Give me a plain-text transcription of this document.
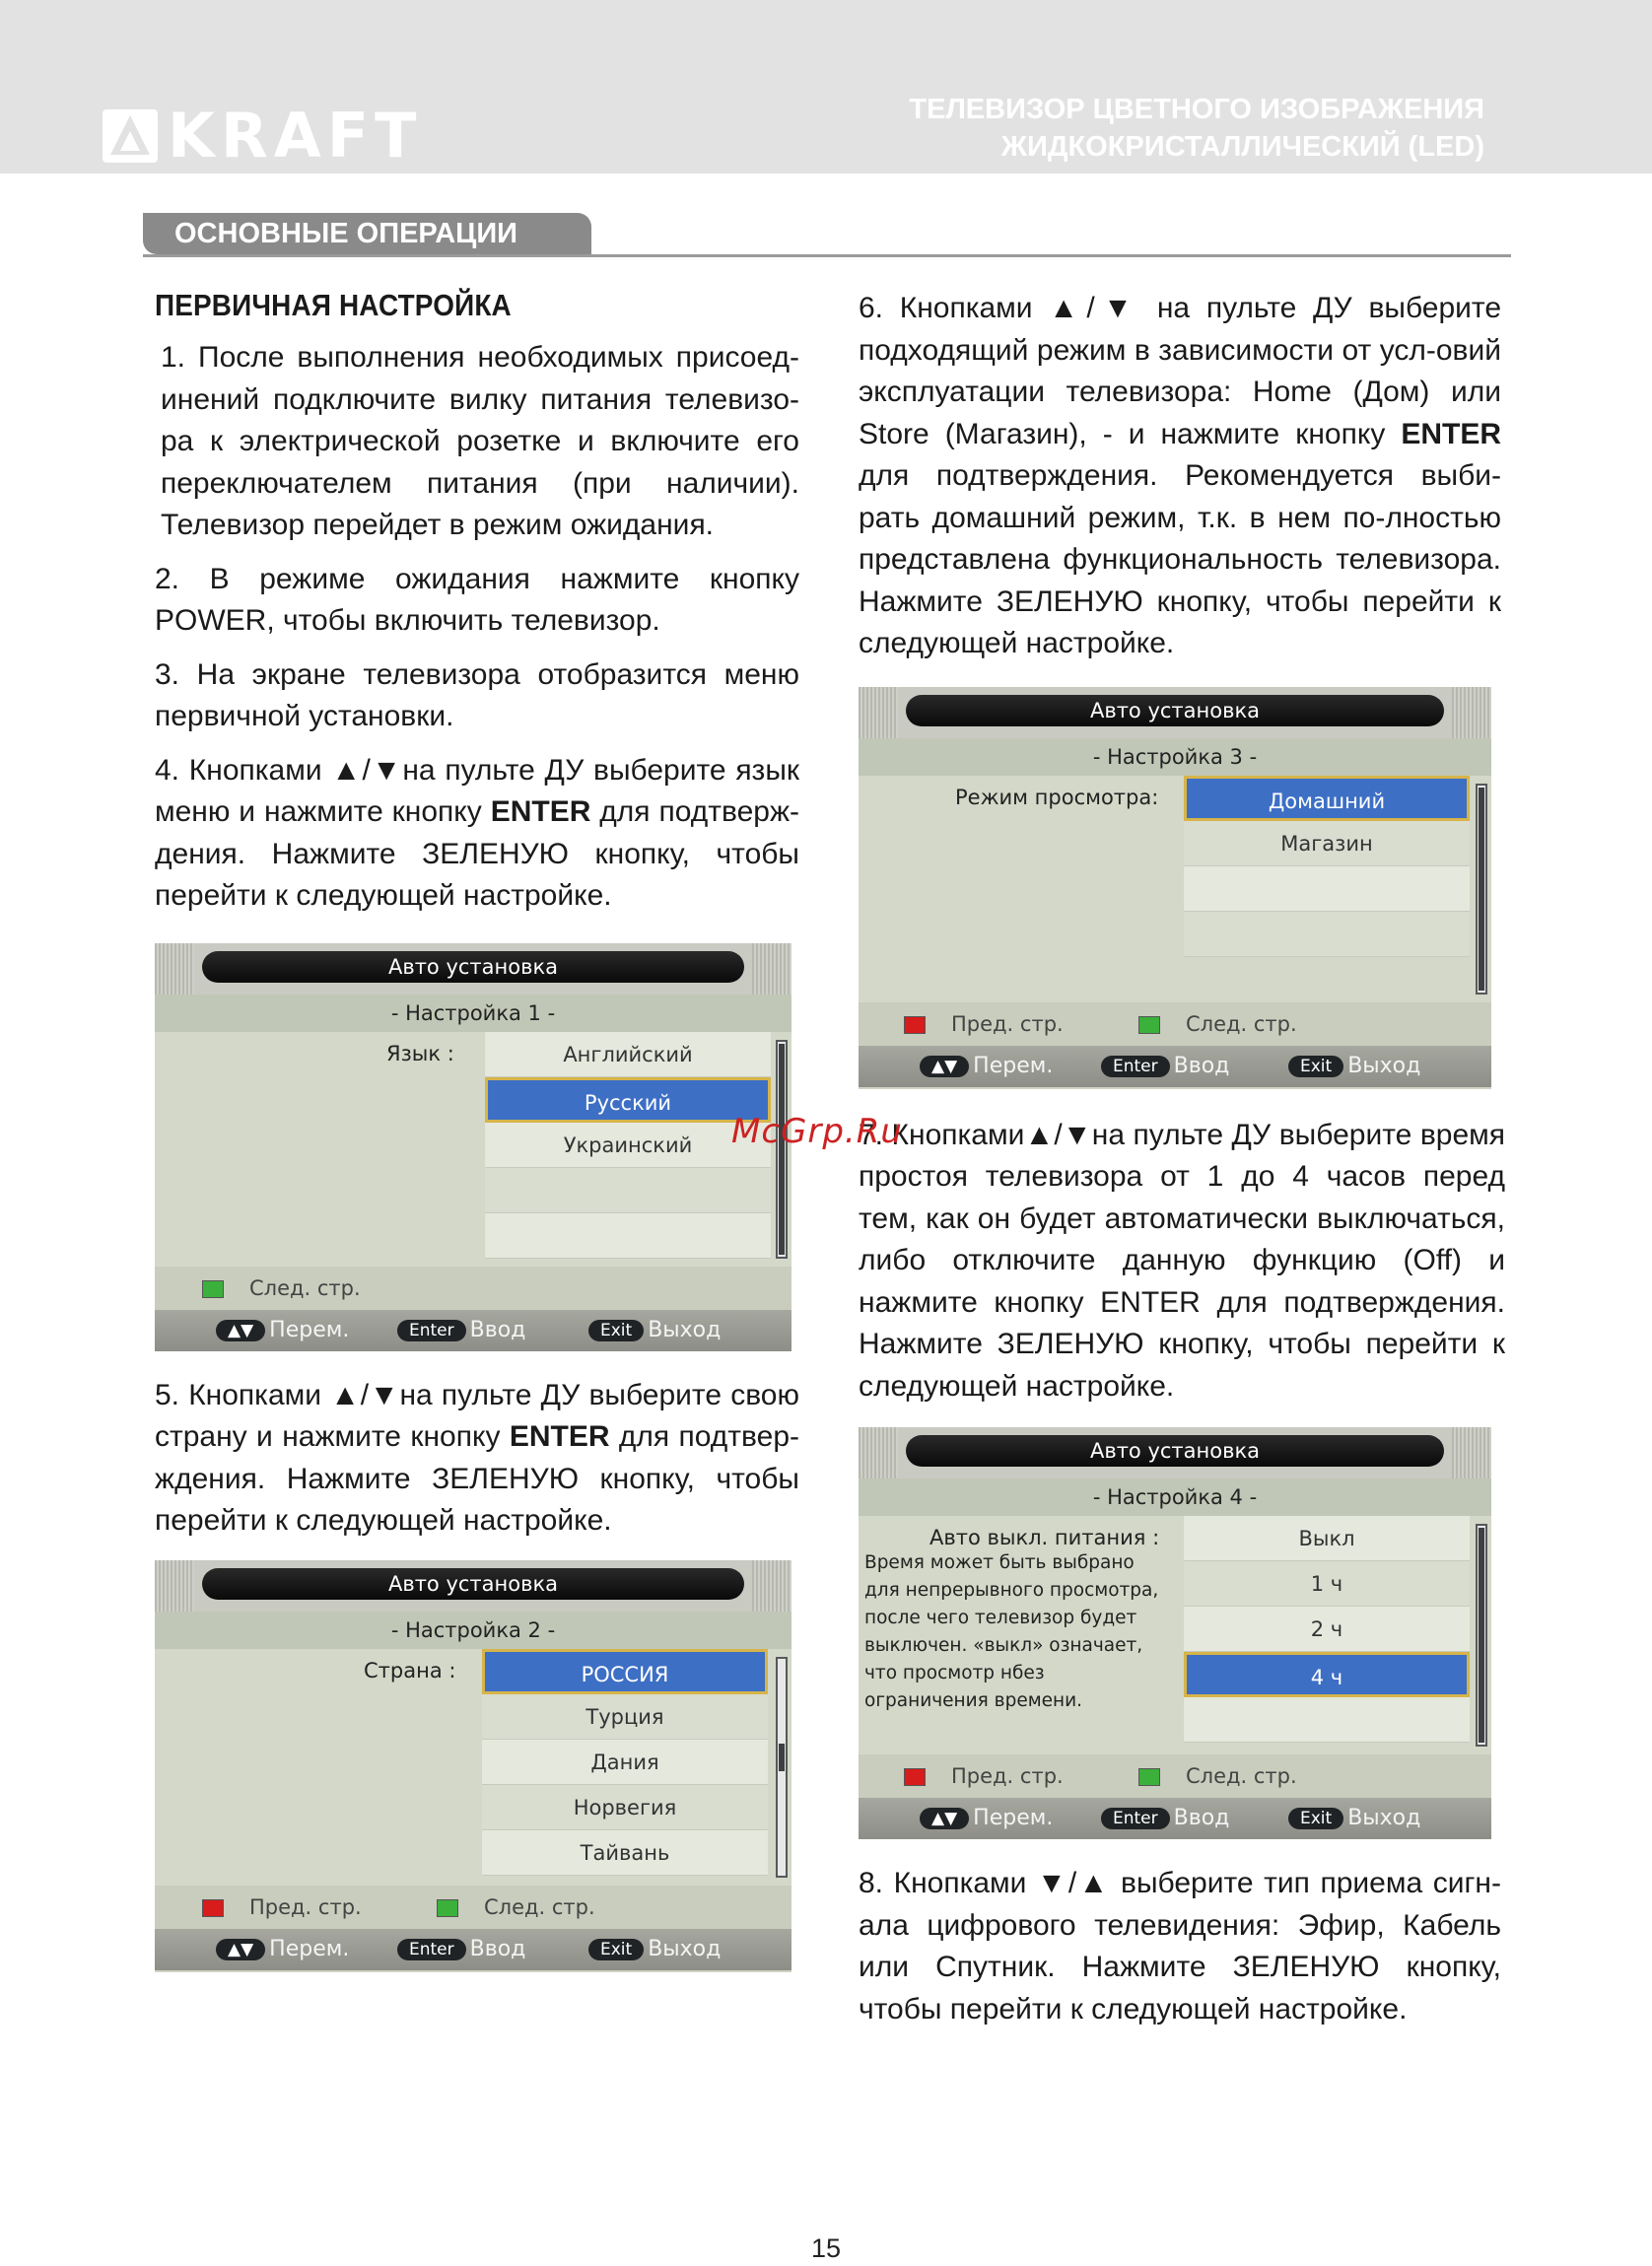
KRAFT	ТЕЛЕВИЗОР ЦВЕТНОГО ИЗОБРАЖЕНИЯ
ЖИДКОКРИСТАЛЛИЧЕСКИЙ (LED)
ОСНОВНЫЕ ОПЕРАЦИИ
ПЕРВИЧНАЯ НАСТРОЙКА

1. После выполнения необходимых присоед-инений подключите вилку питания телевизо-ра к электрической розетке и включите его переключателем питания (при наличии). Телевизор перейдет в режим ожидания.

2. В режиме ожидания нажмите кнопку POWER, чтобы включить телевизор.

3. На экране телевизора отобразится меню первичной установки.

4. Кнопками ▲/▼на пульте ДУ выберите язык меню и нажмите кнопку ENTER для подтверж-дения. Нажмите ЗЕЛЕНУЮ кнопку, чтобы перейти к следующей настройке.

Авто установка
- Настройка 1 -
Язык :	Английский
Русский
Украинский
След. стр.
▲▼ Перем.	Enter Ввод	Exit Выход

5. Кнопками ▲/▼на пульте ДУ выберите свою страну и нажмите кнопку ENTER для подтвер-ждения. Нажмите ЗЕЛЕНУЮ кнопку, чтобы перейти к следующей настройке.

Авто установка
- Настройка 2 -
Страна :	РОССИЯ
Турция
Дания
Норвегия
Тайвань
Пред. стр.	След. стр.
▲▼ Перем.	Enter Ввод	Exit Выход

6. Кнопками ▲/▼ на пульте ДУ выберите подходящий режим в зависимости от усл-овий эксплуатации телевизора: Home (Дом) или Store (Магазин), - и нажмите кнопку ENTER для подтверждения. Рекомендуется выби-рать домашний режим, т.к. в нем по-лностью представлена функциональность телевизора. Нажмите ЗЕЛЕНУЮ кнопку, чтобы перейти к следующей настройке.

Авто установка
- Настройка 3 -
Режим просмотра:	Домашний
Магазин
Пред. стр.	След. стр.
▲▼ Перем.	Enter Ввод	Exit Выход

7. Кнопками▲/▼на пульте ДУ выберите время простоя телевизора от 1 до 4 часов перед тем, как он будет автоматически выключаться, либо отключите данную функцию (Off) и нажмите кнопку ENTER для подтверждения. Нажмите ЗЕЛЕНУЮ кнопку, чтобы перейти к следующей настройке.

Авто установка
- Настройка 4 -
Авто выкл. питания :
Время может быть выбрано
для непрерывного просмотра,
после чего телевизор будет
выключен. «выкл» означает,
что просмотр нбез
ограничения времени.
Выкл
1 ч
2 ч
4 ч
Пред. стр.	След. стр.
▲▼ Перем.	Enter Ввод	Exit Выход

8. Кнопками ▼/▲ выберите тип приема сигн-ала цифрового телевидения: Эфир, Кабель или Спутник. Нажмите ЗЕЛЕНУЮ кнопку, чтобы перейти к следующей настройке.

McGrp.Ru
15
